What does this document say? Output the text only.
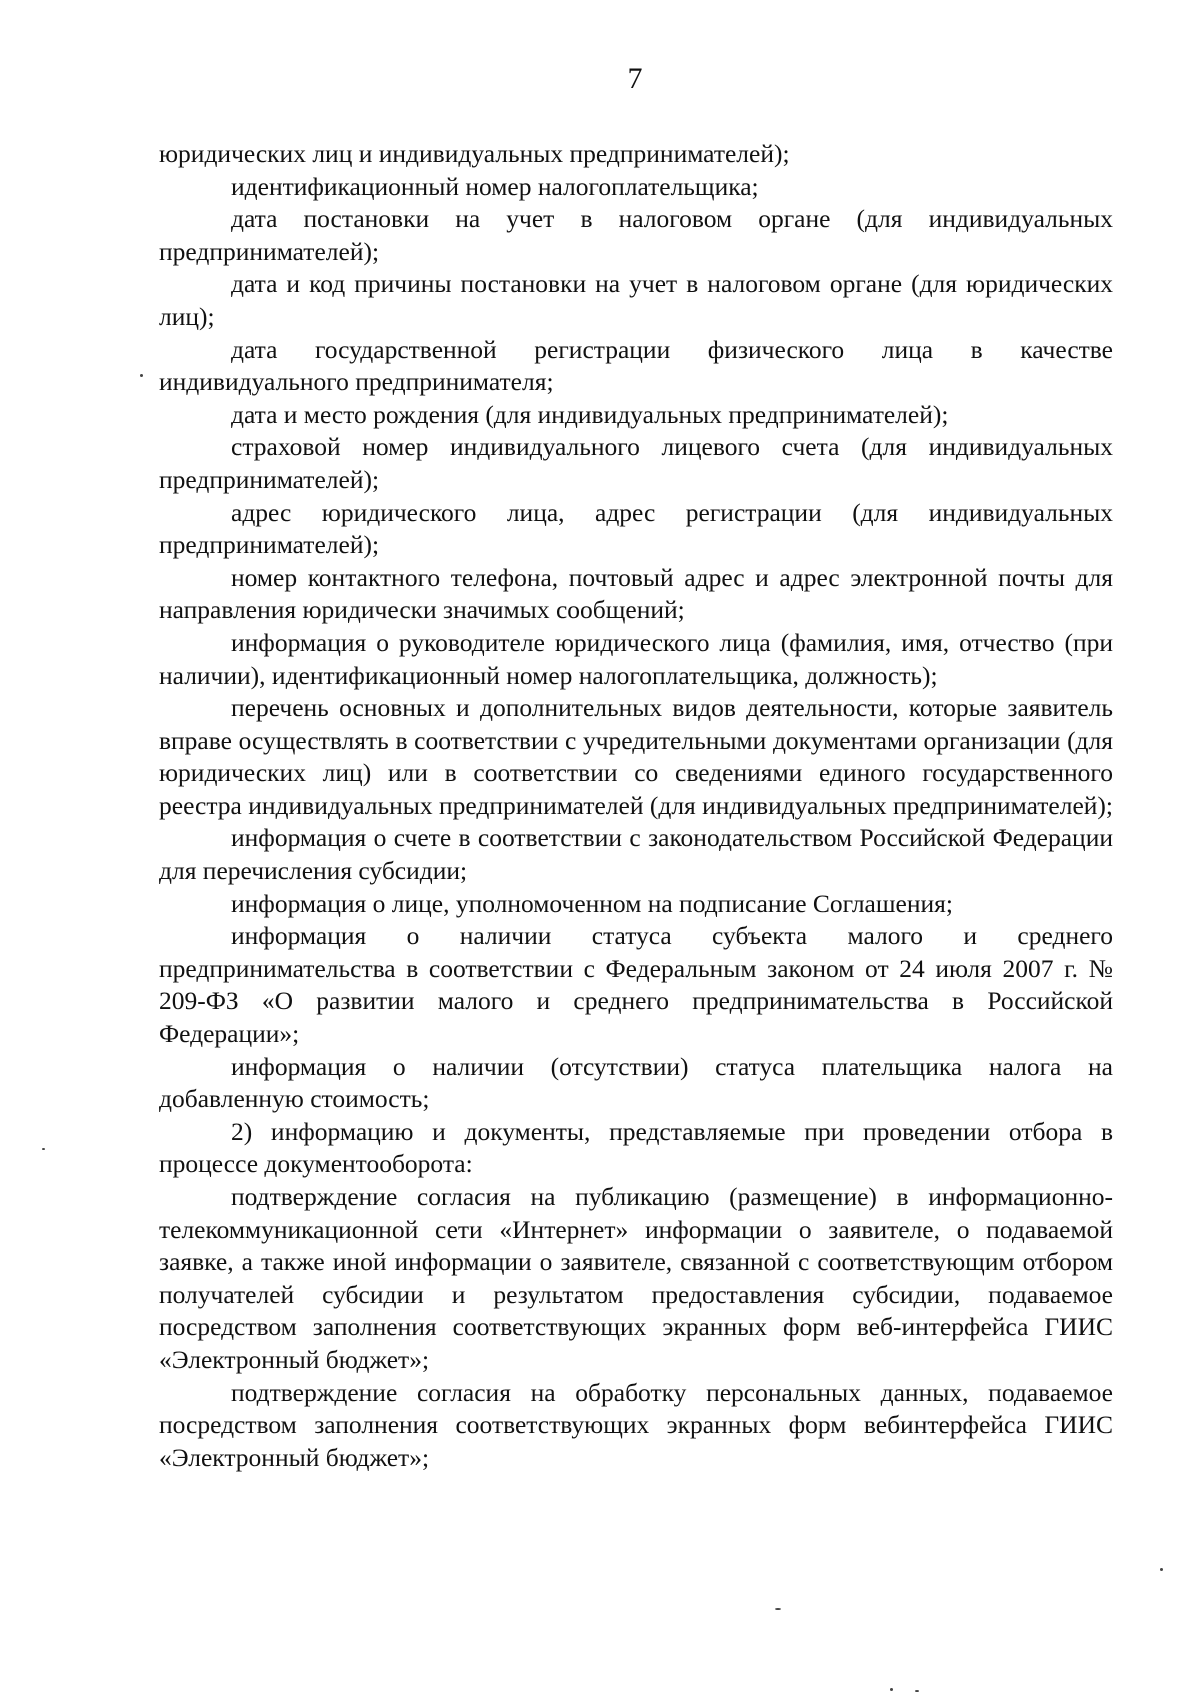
7

юридических лиц и индивидуальных предпринимателей);

идентификационный номер налогоплательщика;

дата постановки на учет в налоговом органе (для индивидуальных предпринимателей);

дата и код причины постановки на учет в налоговом органе (для юридических лиц);

дата государственной регистрации физического лица в качестве индивидуального предпринимателя;

дата и место рождения (для индивидуальных предпринимателей);

страховой номер индивидуального лицевого счета (для индивидуальных предпринимателей);

адрес юридического лица, адрес регистрации (для индивидуальных предпринимателей);

номер контактного телефона, почтовый адрес и адрес электронной почты для направления юридически значимых сообщений;

информация о руководителе юридического лица (фамилия, имя, отчество (при наличии), идентификационный номер налогоплательщика, должность);

перечень основных и дополнительных видов деятельности, которые заявитель вправе осуществлять в соответствии с учредительными документами организации (для юридических лиц) или в соответствии со сведениями единого государственного реестра индивидуальных предпринимателей (для индивидуальных предпринимателей);

информация о счете в соответствии с законодательством Российской Федерации для перечисления субсидии;

информация о лице, уполномоченном на подписание Соглашения;

информация о наличии статуса субъекта малого и среднего предпринимательства в соответствии с Федеральным законом от 24 июля 2007 г. № 209-ФЗ «О развитии малого и среднего предпринимательства в Российской Федерации»;

информация о наличии (отсутствии) статуса плательщика налога на добавленную стоимость;

2) информацию и документы, представляемые при проведении отбора в процессе документооборота:

подтверждение согласия на публикацию (размещение) в информационно-телекоммуникационной сети «Интернет» информации о заявителе, о подаваемой заявке, а также иной информации о заявителе, связанной с соответствующим отбором получателей субсидии и результатом предоставления субсидии, подаваемое посредством заполнения соответствующих экранных форм веб-интерфейса ГИИС «Электронный бюджет»;

подтверждение согласия на обработку персональных данных, подаваемое посредством заполнения соответствующих экранных форм вебинтерфейса ГИИС «Электронный бюджет»;
